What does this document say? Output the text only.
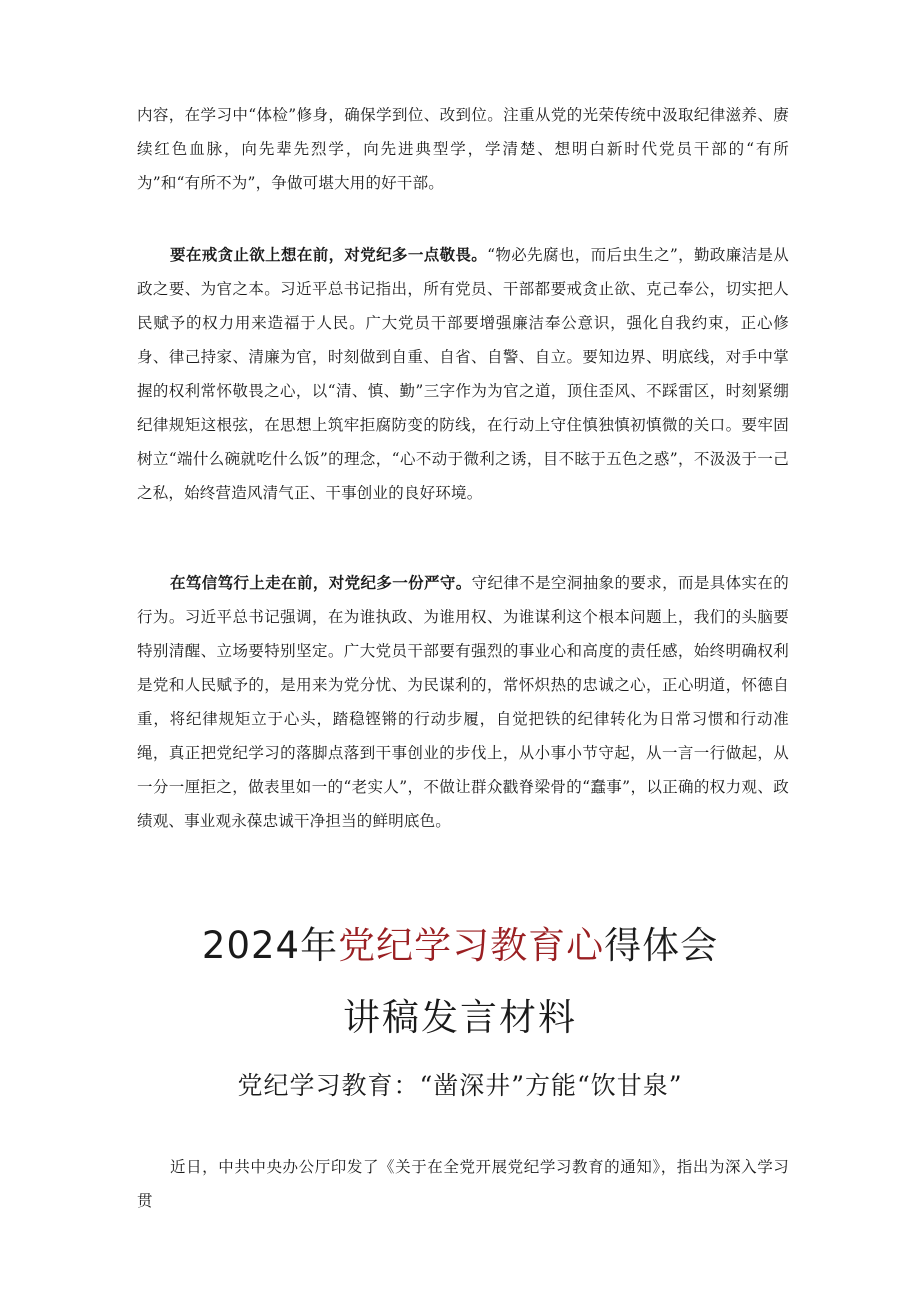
内容，在学习中“体检”修身，确保学到位、改到位。注重从党的光荣传统中汲取纪律滋养、赓续红色血脉，向先辈先烈学，向先进典型学，学清楚、想明白新时代党员干部的“有所为”和“有所不为”，争做可堪大用的好干部。

要在戒贪止欲上想在前，对党纪多一点敬畏。“物必先腐也，而后虫生之”，勤政廉洁是从政之要、为官之本。习近平总书记指出，所有党员、干部都要戒贪止欲、克己奉公，切实把人民赋予的权力用来造福于人民。广大党员干部要增强廉洁奉公意识，强化自我约束，正心修身、律己持家、清廉为官，时刻做到自重、自省、自警、自立。要知边界、明底线，对手中掌握的权利常怀敬畏之心，以“清、慎、勤”三字作为为官之道，顶住歪风、不踩雷区，时刻紧绷纪律规矩这根弦，在思想上筑牢拒腐防变的防线，在行动上守住慎独慎初慎微的关口。要牢固树立“端什么碗就吃什么饭”的理念，“心不动于微利之诱，目不眩于五色之惑”，不汲汲于一己之私，始终营造风清气正、干事创业的良好环境。

在笃信笃行上走在前，对党纪多一份严守。守纪律不是空洞抽象的要求，而是具体实在的行为。习近平总书记强调，在为谁执政、为谁用权、为谁谋利这个根本问题上，我们的头脑要特别清醒、立场要特别坚定。广大党员干部要有强烈的事业心和高度的责任感，始终明确权利是党和人民赋予的，是用来为党分忧、为民谋利的，常怀炽热的忠诚之心，正心明道，怀德自重，将纪律规矩立于心头，踏稳铿锵的行动步履，自觉把铁的纪律转化为日常习惯和行动准绳，真正把党纪学习的落脚点落到干事创业的步伐上，从小事小节守起，从一言一行做起，从一分一厘拒之，做表里如一的“老实人”，不做让群众戳脊梁骨的“蠢事”，以正确的权力观、政绩观、事业观永葆忠诚干净担当的鲜明底色。

2024年党纪学习教育心得体会
讲稿发言材料
党纪学习教育：“凿深井”方能“饮甘泉”

近日，中共中央办公厅印发了《关于在全党开展党纪学习教育的通知》，指出为深入学习贯
